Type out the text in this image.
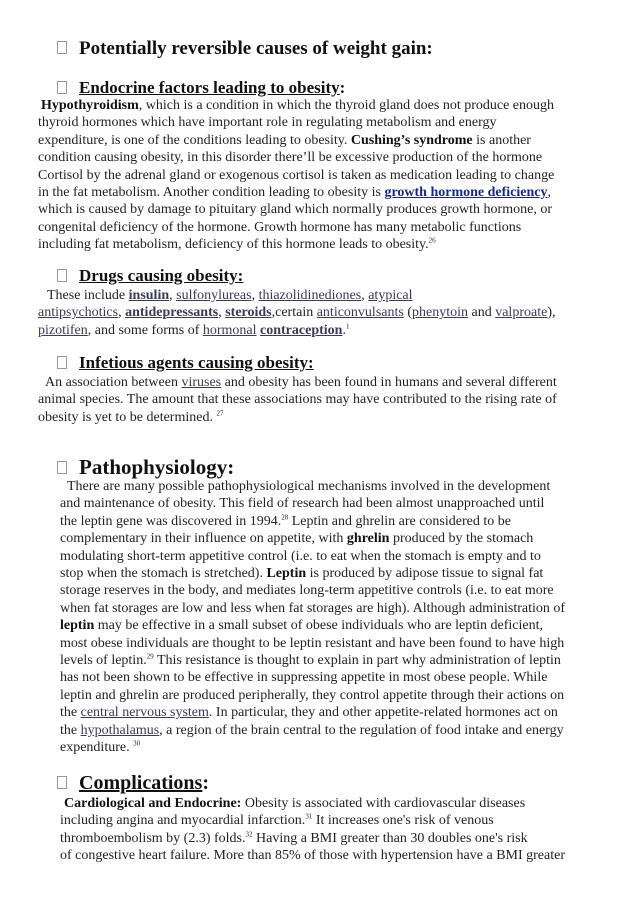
Potentially reversible causes of weight gain:
Endocrine factors leading to obesity:
Hypothyroidism, which is a condition in which the thyroid gland does not produce enough
thyroid hormones which have important role in regulating metabolism and energy
expenditure, is one of the conditions leading to obesity. Cushing’s syndrome is another
condition causing obesity, in this disorder there’ll be excessive production of the hormone
Cortisol by the adrenal gland or exogenous cortisol is taken as medication leading to change
in the fat metabolism. Another condition leading to obesity is growth hormone deficiency,
which is caused by damage to pituitary gland which normally produces growth hormone, or
congenital deficiency of the hormone. Growth hormone has many metabolic functions
including fat metabolism, deficiency of this hormone leads to obesity.$^{26}$
Drugs causing obesity:
These include insulin, sulfonylureas, thiazolidinediones, atypical
antipsychotics, antidepressants, steroids,certain anticonvulsants (phenytoin and valproate),
pizotifen, and some forms of hormonal contraception.$^1$
Infetious agents causing obesity:
An association between viruses and obesity has been found in humans and several different
animal species. The amount that these associations may have contributed to the rising rate of
obesity is yet to be determined. $^{27}$
Pathophysiology:
There are many possible pathophysiological mechanisms involved in the development
and maintenance of obesity. This field of research had been almost unapproached until
the leptin gene was discovered in 1994.28 Leptin and ghrelin are considered to be
complementary in their influence on appetite, with ghrelin produced by the stomach
modulating short-term appetitive control (i.e. to eat when the stomach is empty and to
stop when the stomach is stretched). Leptin is produced by adipose tissue to signal fat
storage reserves in the body, and mediates long-term appetitive controls (i.e. to eat more
when fat storages are low and less when fat storages are high). Although administration of
leptin may be effective in a small subset of obese individuals who are leptin deficient,
most obese individuals are thought to be leptin resistant and have been found to have high
levels of leptin.$^{29}$ This resistance is thought to explain in part why administration of leptin
has not been shown to be effective in suppressing appetite in most obese people. While
leptin and ghrelin are produced peripherally, they control appetite through their actions on
the central nervous system. In particular, they and other appetite-related hormones act on
the hypothalamus, a region of the brain central to the regulation of food intake and energy
expenditure. $^{30}$
Complications:
Cardiological and Endocrine: Obesity is associated with cardiovascular diseases
including angina and myocardial infarction.$^{31}$ It increases one's risk of venous
thromboembolism by (2.3) folds.$^{32}$ Having a BMI greater than 30 doubles one's risk
of congestive heart failure. More than 85% of those with hypertension have a BMI greater
